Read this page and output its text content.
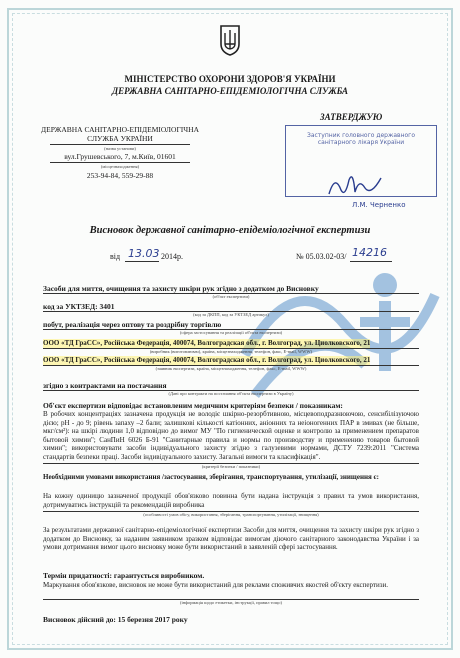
МІНІСТЕРСТВО ОХОРОНИ ЗДОРОВ'Я УКРАЇНИ
ДЕРЖАВНА САНІТАРНО-ЕПІДЕМІОЛОГІЧНА СЛУЖБА
ДЕРЖАВНА САНІТАРНО-ЕПІДЕМІОЛОГІЧНА
СЛУЖБА УКРАЇНИ
(назва установи)
вул.Грушевського, 7, м.Київ, 01601
(місцезнаходження)
253-94-84, 559-29-88
ЗАТВЕРДЖУЮ
Заступник головного державного
санітарного лікаря України
Л.М. Черненко
Висновок державної санітарно-епідеміологічної експертизи
від 13.03 2014р.	№ 05.03.02-03/ 14216
Засоби для миття, очищення та захисту шкіри рук згідно з додатком до Висновку
(об'єкт експертизи)
код за УКТЗЕД: 3401
(код за ДКПП, код за УКТЗЕД артикул)
побут, реалізація через оптову та роздрібну торгівлю
(сфера застосування та реалізації об'єкта експертизи)
ООО «ТД ГраСС», Російська Федерація, 400074, Волгоградская обл., г. Волгоград, ул. Циолковского, 21
(виробник (виготовлювач), країна, місцезнаходження, телефон, факс, E-mail, WWW)
ООО «ТД ГраСС», Російська Федерація, 400074, Волгоградская обл., г. Волгоград, ул. Циолковского, 21
(заявник експертизи, країна, місцезнаходження, телефон, факс, E-mail, WWW)
згідно з контрактами на постачання
(Дані про контракти на постачання об'єкта експертизи в Україну)
Об'єкт експертизи відповідає встановленим медичним критеріям безпеки / показникам:
В робочих концентраціях зазначена продукція не володіє шкірно-резорбтивною, місцевоподразнюючою, сенсибілізуючою дією; рН - до 9; рівень запаху –2 бали; залишкові кількості катіонних, аніонних та неіоногенних ПАР в змивах (не більше, мкг/см²): на шкірі людини 1,0 відповідно до вимог МУ "По гигиенической оценке и контролю за применением препаратов бытовой химии"; СанПиН 6026 Б-91 "Санитарные правила и нормы по производству и применению товаров бытовой химии"; використовувати засоби індивідуального захисту згідно з галузевими нормами, ДСТУ 7239:2011 "Система стандартів безпеки праці. Засоби індивідуального захисту. Загальні вимоги та класифікація".
(критерії безпеки / показники)
Необхідними умовами використання /застосування, зберігання, транспортування, утилізації, знищення є:
На кожну одиницю зазначеної продукції обов'язково повинна бути надана інструкція з правил та умов використання, дотримуватись інструкцій та рекомендацій виробника
(особливості умов обігу, використання, зберігання, транспортування, утилізації, знищення)
За результатами державної санітарно-епідеміологічної експертизи Засоби для миття, очищення та захисту шкіри рук згідно з додатком до Висновку, за наданим заявником зразком відповідає вимогам діючого санітарного законодавства України і за умови дотримання вимог цього висновку може бути використаний в заявленій сфері застосування.
Термін придатності: гарантується виробником.
Маркування обов'язкове, висновок не може бути використаний для реклами споживчих якостей об'єкту експертизи.
(інформація щодо етикетки, інструкції, правил тощо)
Висновок дійсний до: 15 березня 2017 року
